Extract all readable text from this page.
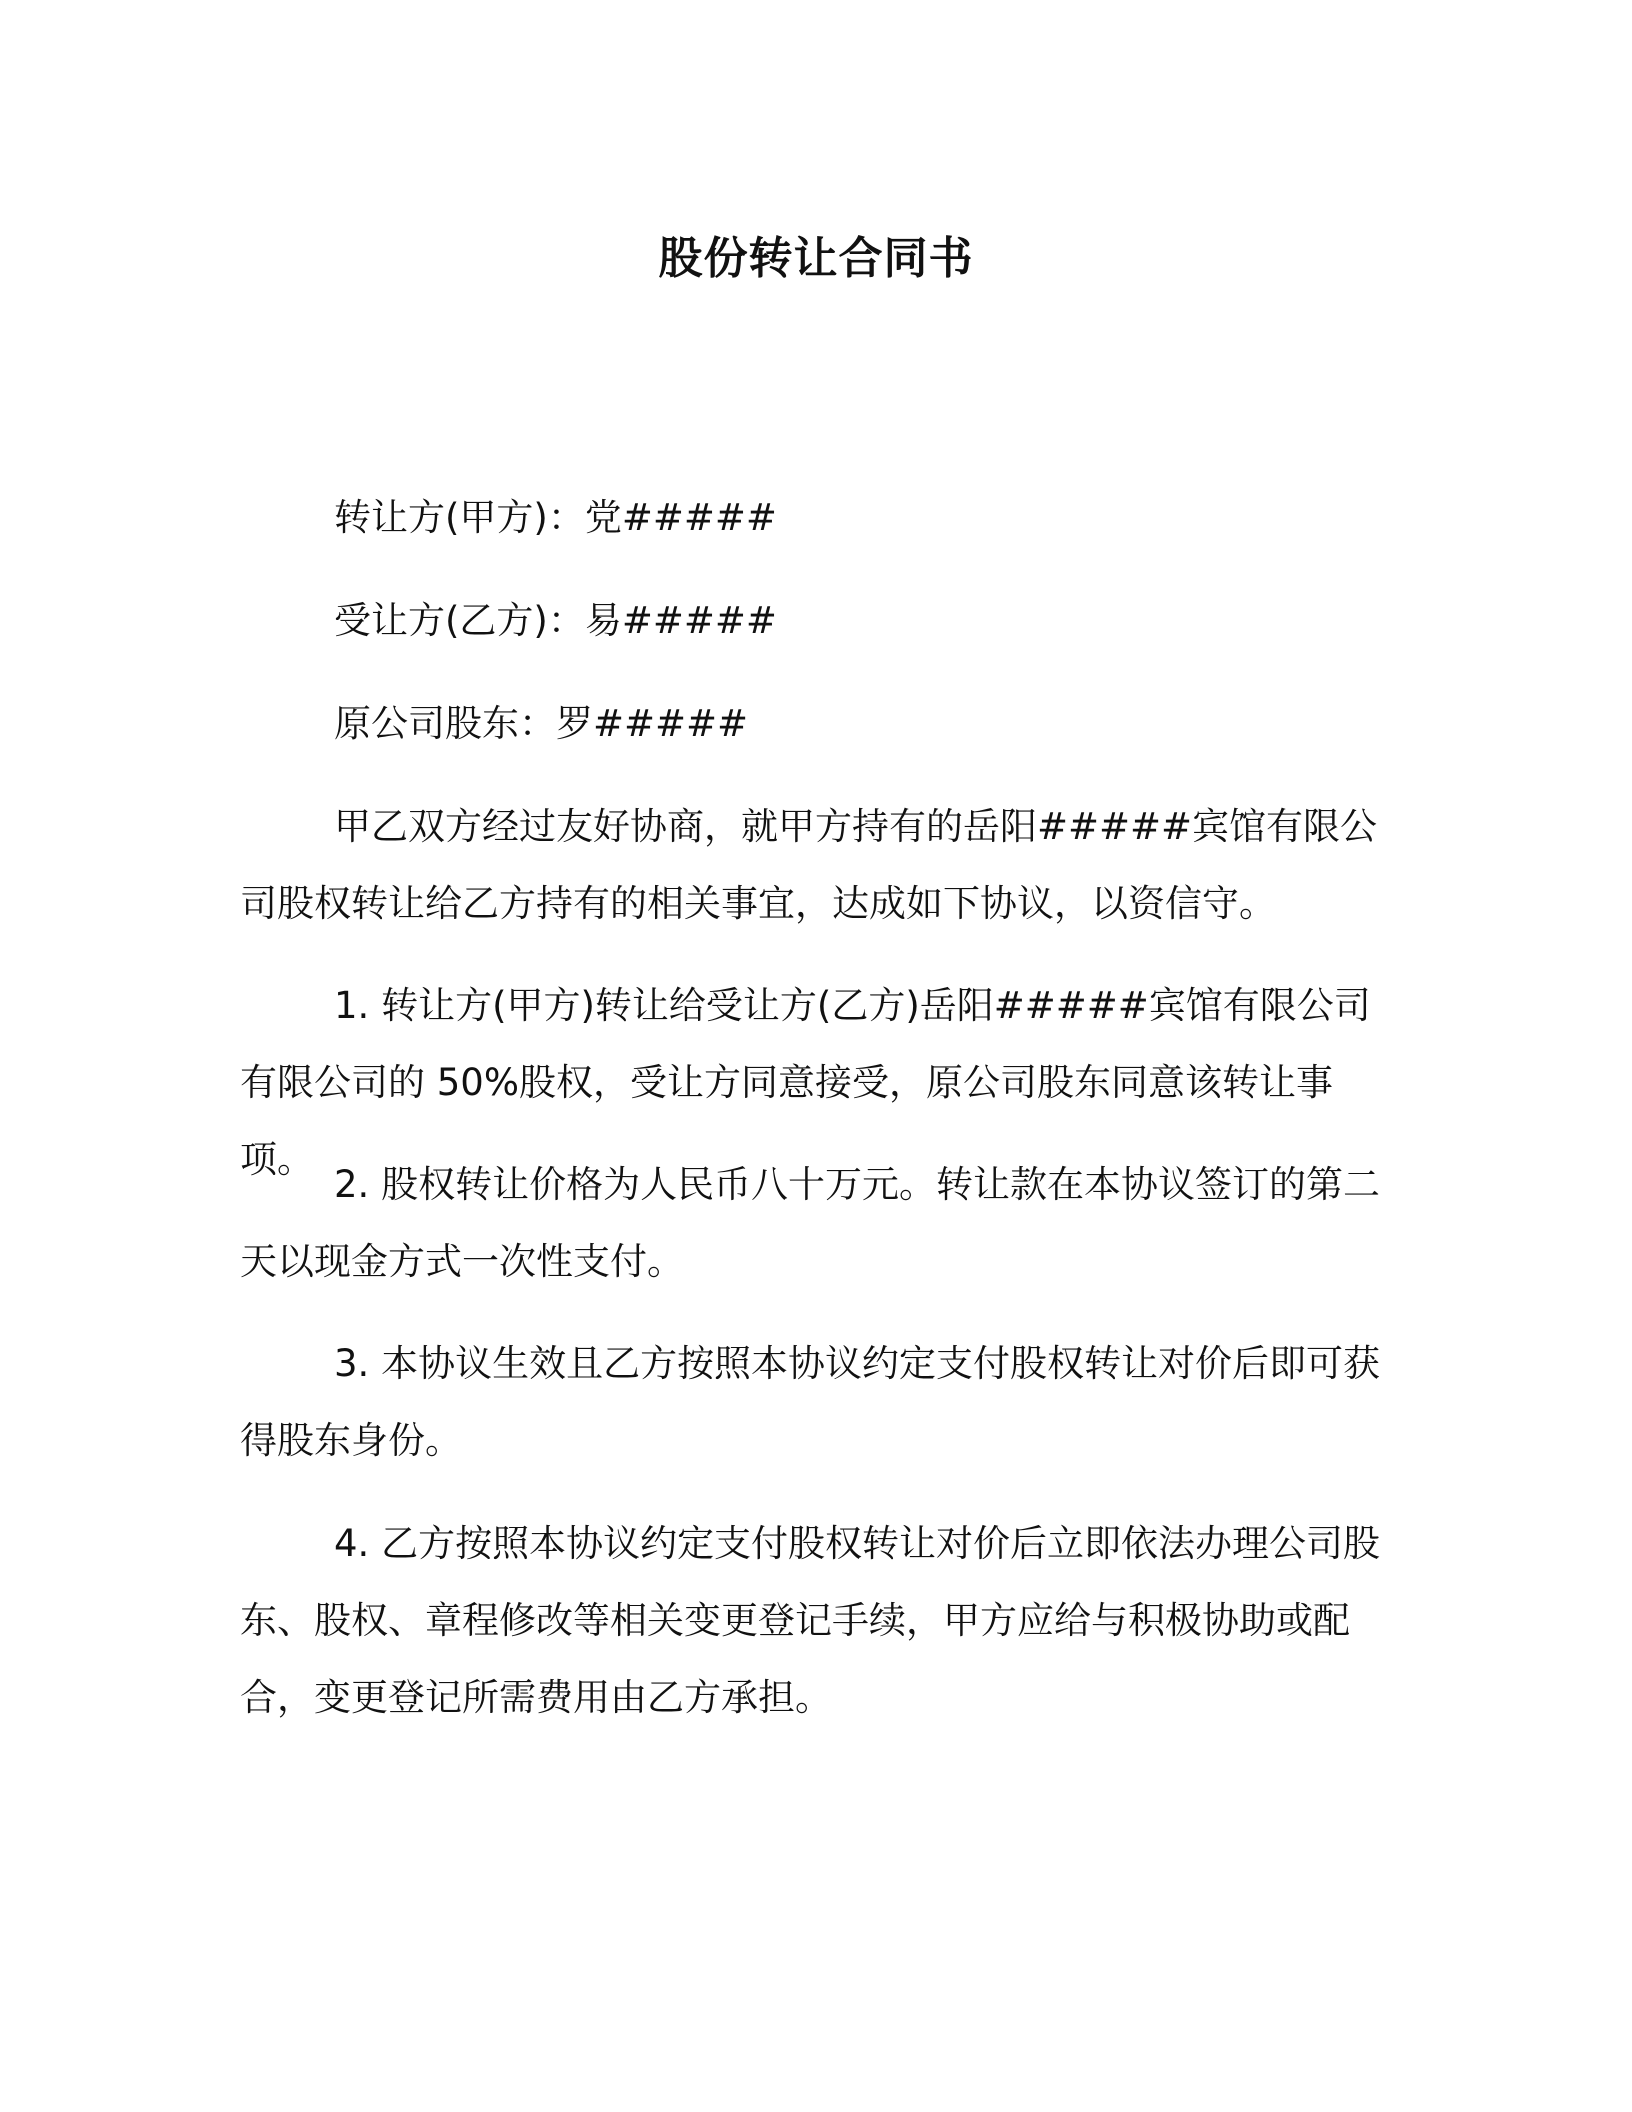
股份转让合同书
转让方(甲方)：党#####
受让方(乙方)：易#####
原公司股东：罗#####

甲乙双方经过友好协商，就甲方持有的岳阳#####宾馆有限公司股权转让给乙方持有的相关事宜，达成如下协议，以资信守。

1. 转让方(甲方)转让给受让方(乙方)岳阳#####宾馆有限公司有限公司的 50%股权，受让方同意接受，原公司股东同意该转让事项。

2. 股权转让价格为人民币八十万元。转让款在本协议签订的第二天以现金方式一次性支付。

3. 本协议生效且乙方按照本协议约定支付股权转让对价后即可获得股东身份。

4. 乙方按照本协议约定支付股权转让对价后立即依法办理公司股东、股权、章程修改等相关变更登记手续，甲方应给与积极协助或配合，变更登记所需费用由乙方承担。
